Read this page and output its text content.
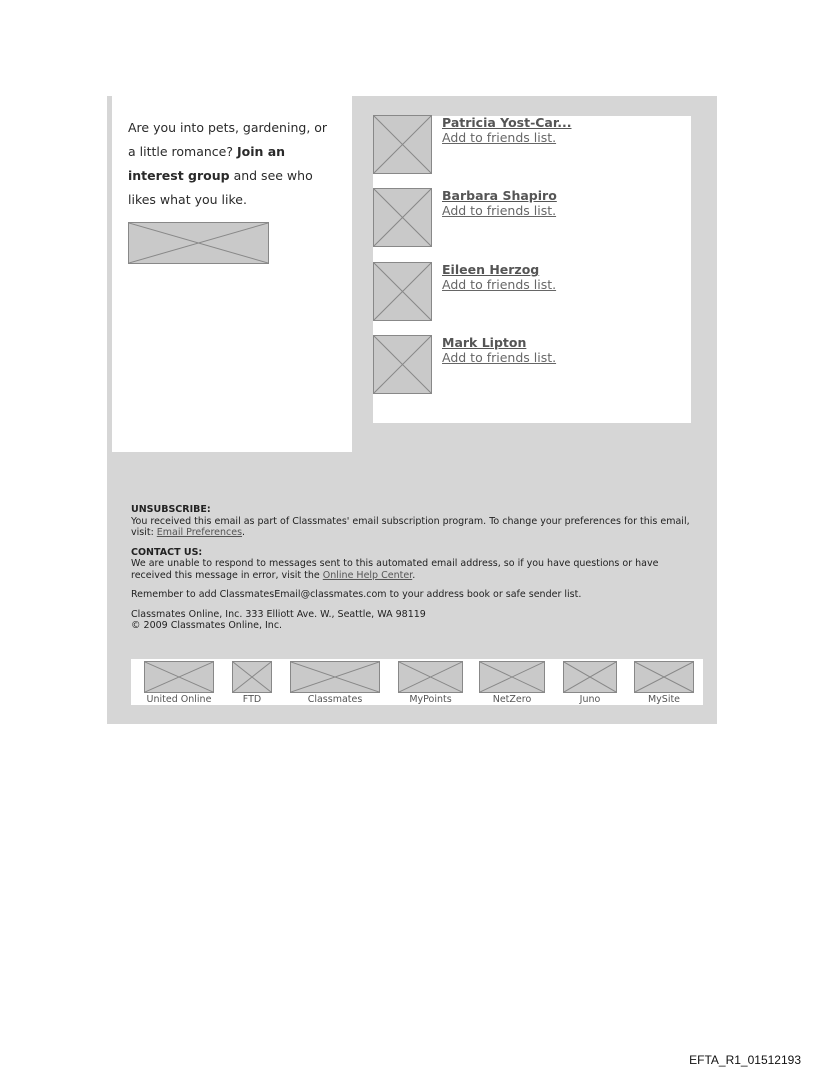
Are you into pets, gardening, or a little romance? Join an interest group and see who likes what you like.
Patricia Yost-Car...
Add to friends list.
Barbara Shapiro
Add to friends list.
Eileen Herzog
Add to friends list.
Mark Lipton
Add to friends list.
UNSUBSCRIBE:
You received this email as part of Classmates' email subscription program. To change your preferences for this email, visit: Email Preferences.
CONTACT US:
We are unable to respond to messages sent to this automated email address, so if you have questions or have received this message in error, visit the Online Help Center.
Remember to add ClassmatesEmail@classmates.com to your address book or safe sender list.
Classmates Online, Inc. 333 Elliott Ave. W., Seattle, WA 98119
© 2009 Classmates Online, Inc.
United Online	FTD	Classmates	MyPoints	NetZero	Juno	MySite
EFTA_R1_01512193
